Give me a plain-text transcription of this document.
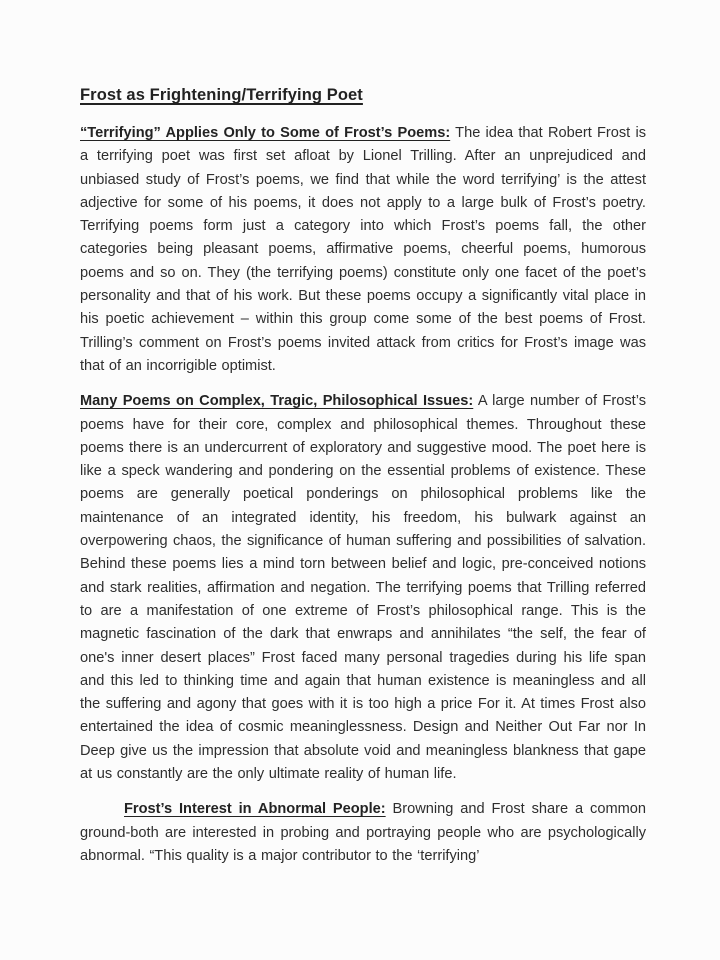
Frost as Frightening/Terrifying Poet

“Terrifying” Applies Only to Some of Frost’s Poems: The idea that Robert Frost is a terrifying poet was first set afloat by Lionel Trilling. After an unprejudiced and unbiased study of Frost’s poems, we find that while the word terrifying’ is the attest adjective for some of his poems, it does not apply to a large bulk of Frost’s poetry. Terrifying poems form just a category into which Frost’s poems fall, the other categories being pleasant poems, affirmative poems, cheerful poems, humorous poems and so on. They (the terrifying poems) constitute only one facet of the poet’s personality and that of his work. But these poems occupy a significantly vital place in his poetic achievement – within this group come some of the best poems of Frost. Trilling’s comment on Frost’s poems invited attack from critics for Frost’s image was that of an incorrigible optimist.

Many Poems on Complex, Tragic, Philosophical Issues: A large number of Frost’s poems have for their core, complex and philosophical themes. Throughout these poems there is an undercurrent of exploratory and suggestive mood. The poet here is like a speck wandering and pondering on the essential problems of existence. These poems are generally poetical ponderings on philosophical problems like the maintenance of an integrated identity, his freedom, his bulwark against an overpowering chaos, the significance of human suffering and possibilities of salvation. Behind these poems lies a mind torn between belief and logic, pre-conceived notions and stark realities, affirmation and negation. The terrifying poems that Trilling referred to are a manifestation of one extreme of Frost’s philosophical range. This is the magnetic fascination of the dark that enwraps and annihilates “the self, the fear of one's inner desert places” Frost faced many personal tragedies during his life span and this led to thinking time and again that human existence is meaningless and all the suffering and agony that goes with it is too high a price For it. At times Frost also entertained the idea of cosmic meaninglessness. Design and Neither Out Far nor In Deep give us the impression that absolute void and meaningless blankness that gape at us constantly are the only ultimate reality of human life.

Frost’s Interest in Abnormal People: Browning and Frost share a common ground-both are interested in probing and portraying people who are psychologically abnormal. “This quality is a major contributor to the ‘terrifying’
